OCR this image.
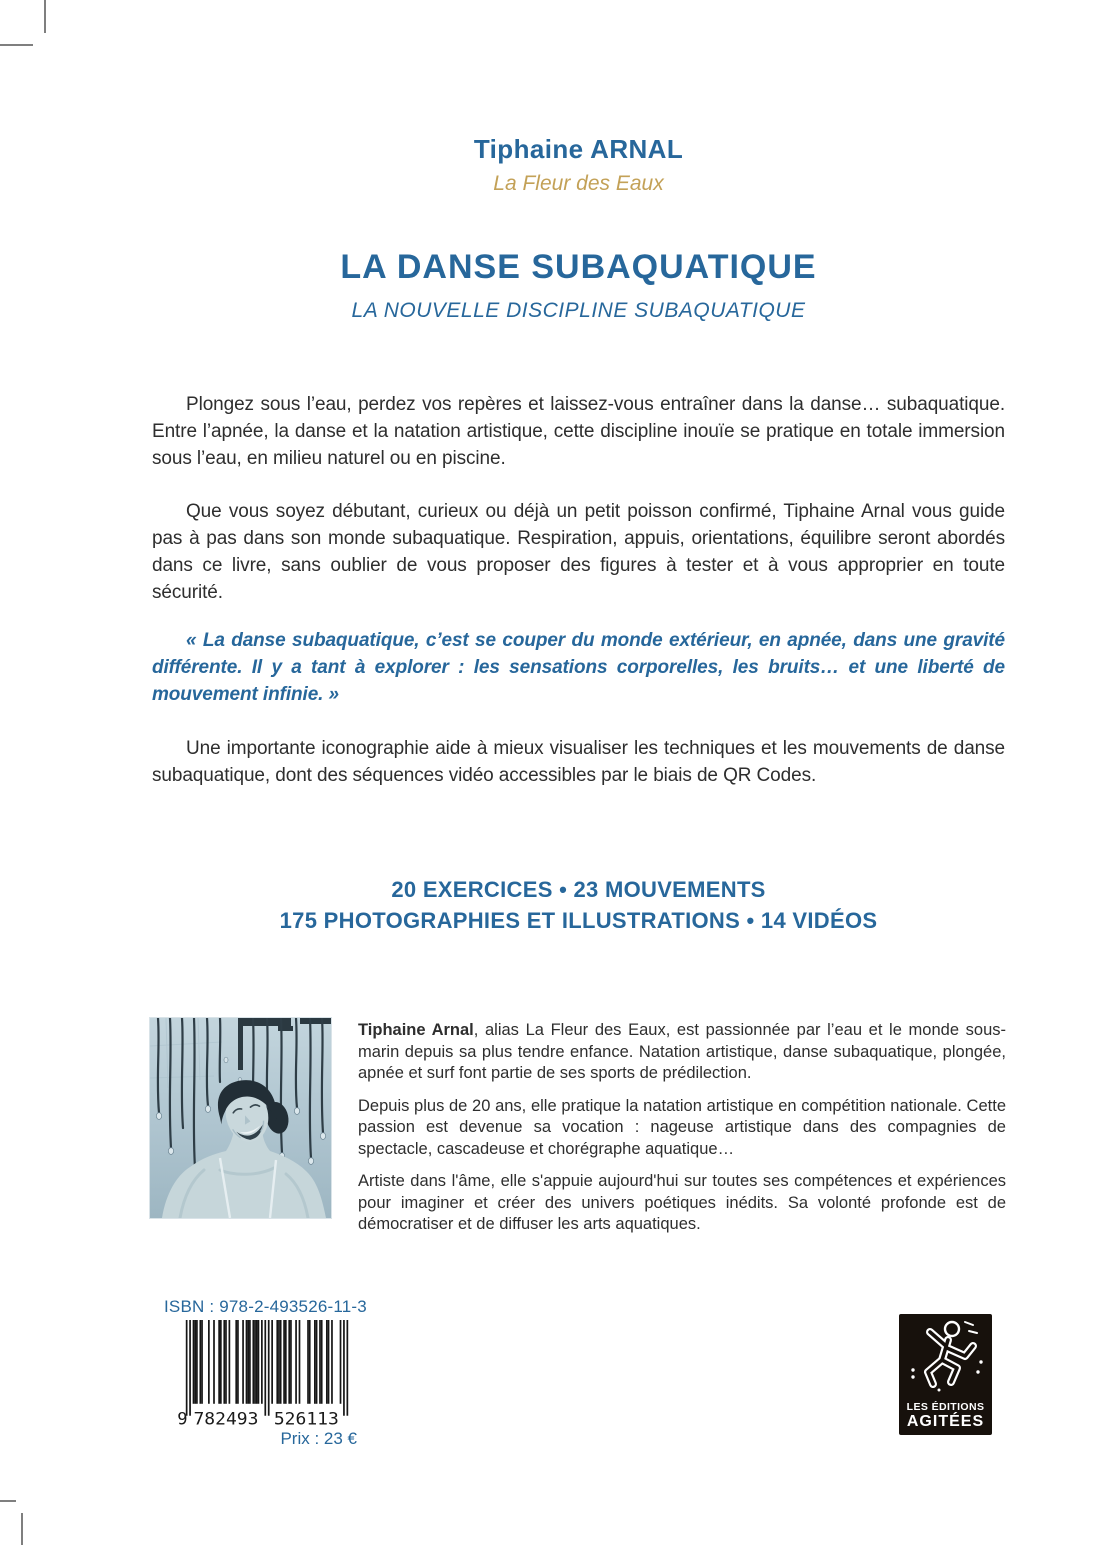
Tiphaine ARNAL
La Fleur des Eaux
LA DANSE SUBAQUATIQUE
LA NOUVELLE DISCIPLINE SUBAQUATIQUE

Plongez sous l’eau, perdez vos repères et laissez-vous entraîner dans la danse… subaquatique. Entre l’apnée, la danse et la natation artistique, cette discipline inouïe se pratique en totale immersion sous l’eau, en milieu naturel ou en piscine.

Que vous soyez débutant, curieux ou déjà un petit poisson confirmé, Tiphaine Arnal vous guide pas à pas dans son monde subaquatique. Respiration, appuis, orientations, équilibre seront abordés dans ce livre, sans oublier de vous proposer des figures à tester et à vous approprier en toute sécurité.

« La danse subaquatique, c’est se couper du monde extérieur, en apnée, dans une gravité différente. Il y a tant à explorer : les sensations corporelles, les bruits… et une liberté de mouvement infinie. »

Une importante iconographie aide à mieux visualiser les techniques et les mouvements de danse subaquatique, dont des séquences vidéo accessibles par le biais de QR Codes.

20 EXERCICES • 23 MOUVEMENTS
175 PHOTOGRAPHIES ET ILLUSTRATIONS • 14 VIDÉOS

Tiphaine Arnal, alias La Fleur des Eaux, est passionnée par l’eau et le monde sous-marin depuis sa plus tendre enfance. Natation artistique, danse subaquatique, plongée, apnée et surf font partie de ses sports de prédilection.

Depuis plus de 20 ans, elle pratique la natation artistique en compétition nationale. Cette passion est devenue sa vocation : nageuse artistique dans des compagnies de spectacle, cascadeuse et chorégraphe aquatique…

Artiste dans l'âme, elle s'appuie aujourd'hui sur toutes ses compétences et expériences pour imaginer et créer des univers poétiques inédits. Sa volonté profonde est de démocratiser et de diffuser les arts aquatiques.

ISBN : 978-2-493526-11-3
9 782493 526113
Prix : 23 €
LES ÉDITIONS
AGITÉES
